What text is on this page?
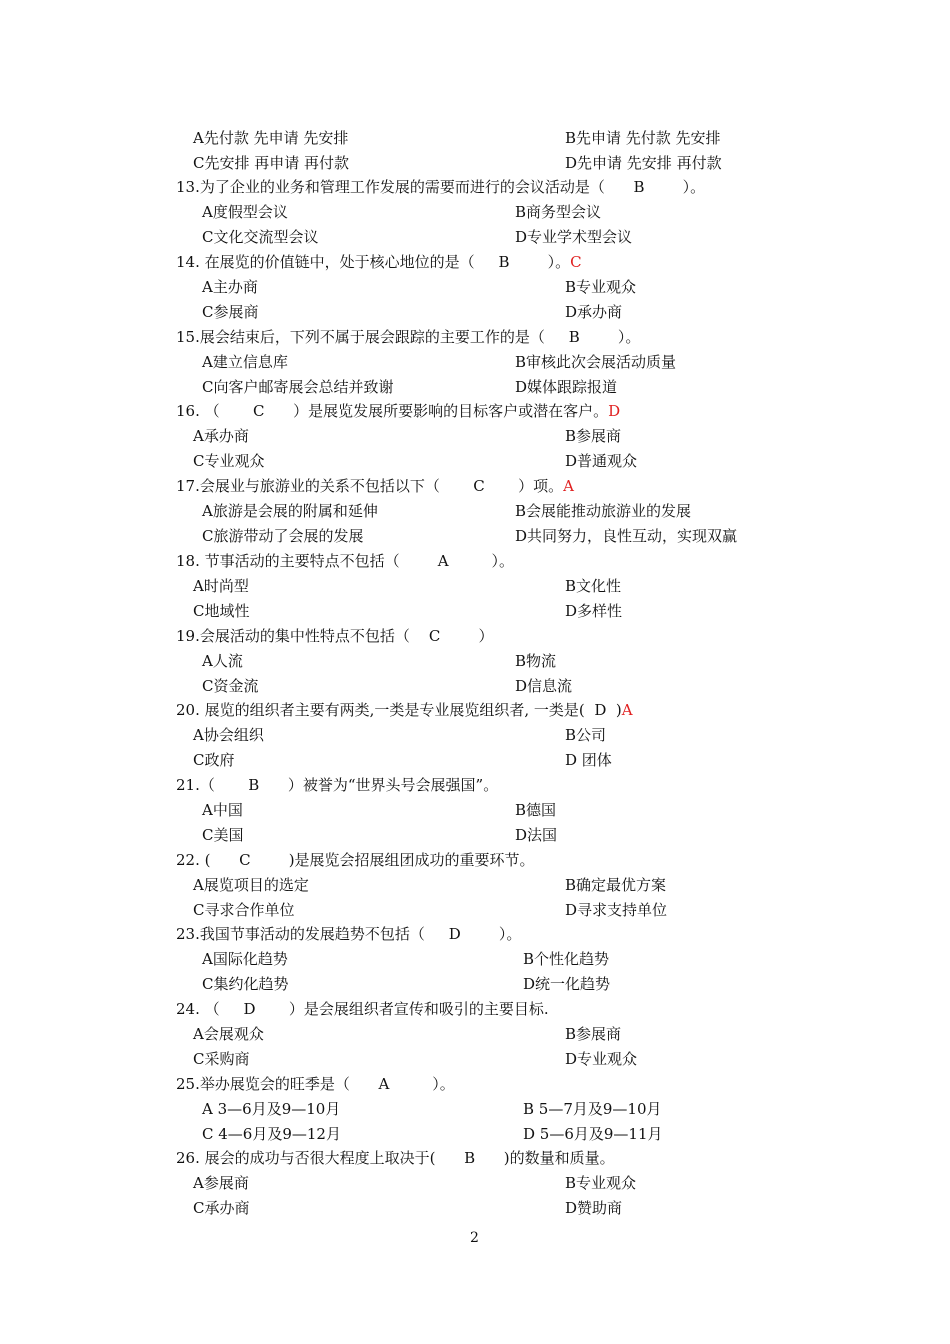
A先付款 先申请 先安排	B先申请 先付款 先安排
C先安排 再申请 再付款	D先申请 先安排 再付款
13.为了企业的业务和管理工作发展的需要而进行的会议活动是（      B        ）。
A度假型会议	B商务型会议
C文化交流型会议	D专业学术型会议
14. 在展览的价值链中，处于核心地位的是（     B        ）。C
A主办商	B专业观众
C参展商	D承办商
15.展会结束后，下列不属于展会跟踪的主要工作的是（     B        ）。
A建立信息库	B审核此次会展活动质量
C向客户邮寄展会总结并致谢	D媒体跟踪报道
16. （       C      ）是展览发展所要影响的目标客户或潜在客户。D
A承办商	B参展商
C专业观众	D普通观众
17.会展业与旅游业的关系不包括以下（       C       ）项。A
A旅游是会展的附属和延伸	B会展能推动旅游业的发展
C旅游带动了会展的发展	D共同努力，良性互动，实现双赢
18. 节事活动的主要特点不包括（        A         ）。
A时尚型	B文化性
C地域性	D多样性
19.会展活动的集中性特点不包括（    C        ）
A人流	B物流
C资金流	D信息流
20. 展览的组织者主要有两类,一类是专业展览组织者, 一类是(  D  )A
A协会组织	B公司
C政府	D 团体
21.（       B      ）被誉为“世界头号会展强国”。
A中国	B德国
C美国	D法国
22. (      C        )是展览会招展组团成功的重要环节。
A展览项目的选定	B确定最优方案
C寻求合作单位	D寻求支持单位
23.我国节事活动的发展趋势不包括（     D        ）。
A国际化趋势	B个性化趋势
C集约化趋势	D统一化趋势
24. （     D       ）是会展组织者宣传和吸引的主要目标.
A会展观众	B参展商
C采购商	D专业观众
25.举办展览会的旺季是（      A         ）。
A 3—6月及9—10月	B 5—7月及9—10月
C 4—6月及9—12月	D 5—6月及9—11月
26. 展会的成功与否很大程度上取决于(      B      )的数量和质量。
A参展商	B专业观众
C承办商	D赞助商
2
